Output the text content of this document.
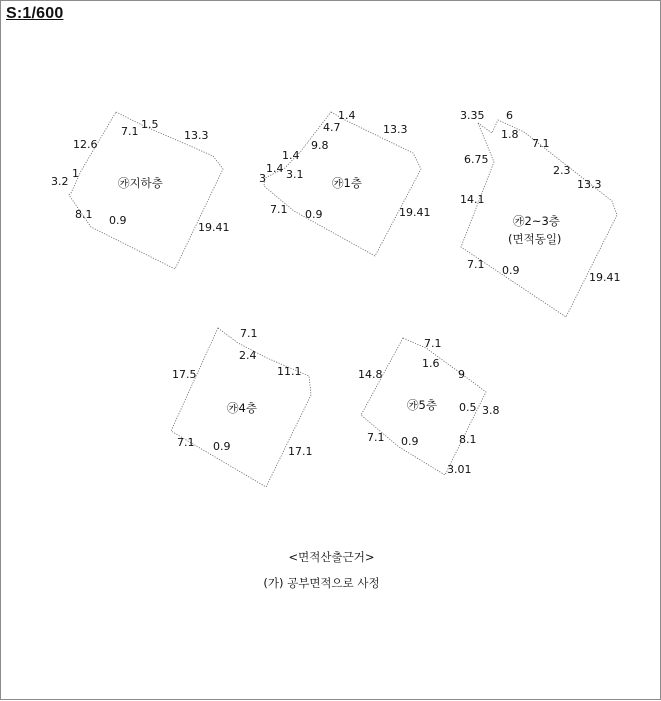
S:1/600
㉮지하층
7.1
1.5
13.3
12.6
3.2
1
8.1 0.9
19.41
㉮1층
1.4
4.7	13.3
9.8
1.4
1.4
3 3.1
7.1 0.9	19.41
㉮2~3층
(면적동일)
3.35 6
1.8
7.1
6.75
2.3
13.3
14.1
7.1 0.9
19.41
㉮4층
7.1
2.4
11.1
17.5
7.1 0.9	17.1
㉮5층
7.1
1.6
9
14.8
0.5 3.8
7.1 0.9	8.1
3.01
<면적산출근거>
(가) 공부면적으로 사정
